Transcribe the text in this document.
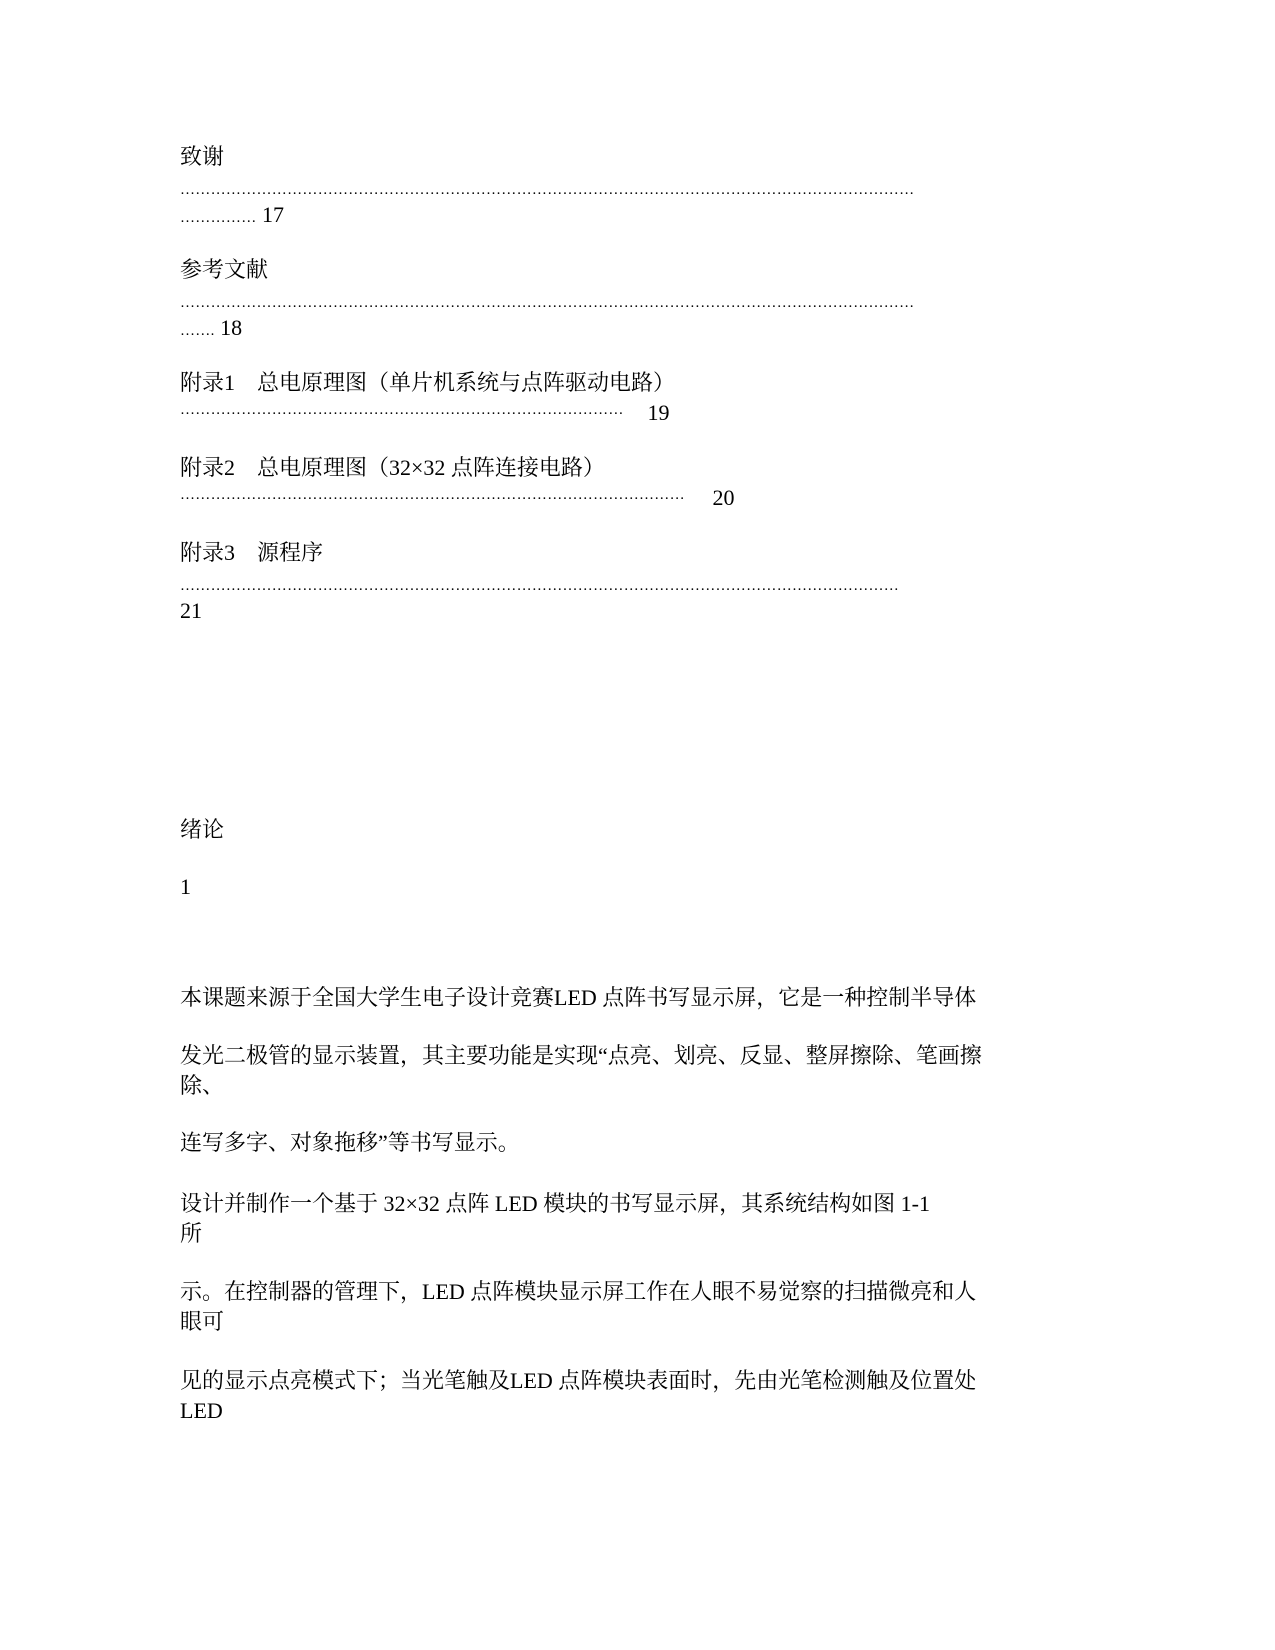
致谢
………………………………………………………………………………………………………………………………
…………… 17
参考文献
………………………………………………………………………………………………………………………………
……. 18
附录1　总电原理图（单片机系统与点阵驱动电路）
…………………………………………………………………………… 19
附录2　总电原理图（32×32 点阵连接电路）
……………………………………………………………………………………… 20
附录3　源程序
……………………………………………………………………………………………………………………………
21
绪论
1
本课题来源于全国大学生电子设计竞赛LED 点阵书写显示屏，它是一种控制半导体
发光二极管的显示装置，其主要功能是实现“点亮、划亮、反显、整屏擦除、笔画擦
除、
连写多字、对象拖移”等书写显示。
设计并制作一个基于 32×32 点阵 LED 模块的书写显示屏，其系统结构如图 1-1
所
示。在控制器的管理下，LED 点阵模块显示屏工作在人眼不易觉察的扫描微亮和人
眼可
见的显示点亮模式下；当光笔触及LED 点阵模块表面时，先由光笔检测触及位置处
LED
